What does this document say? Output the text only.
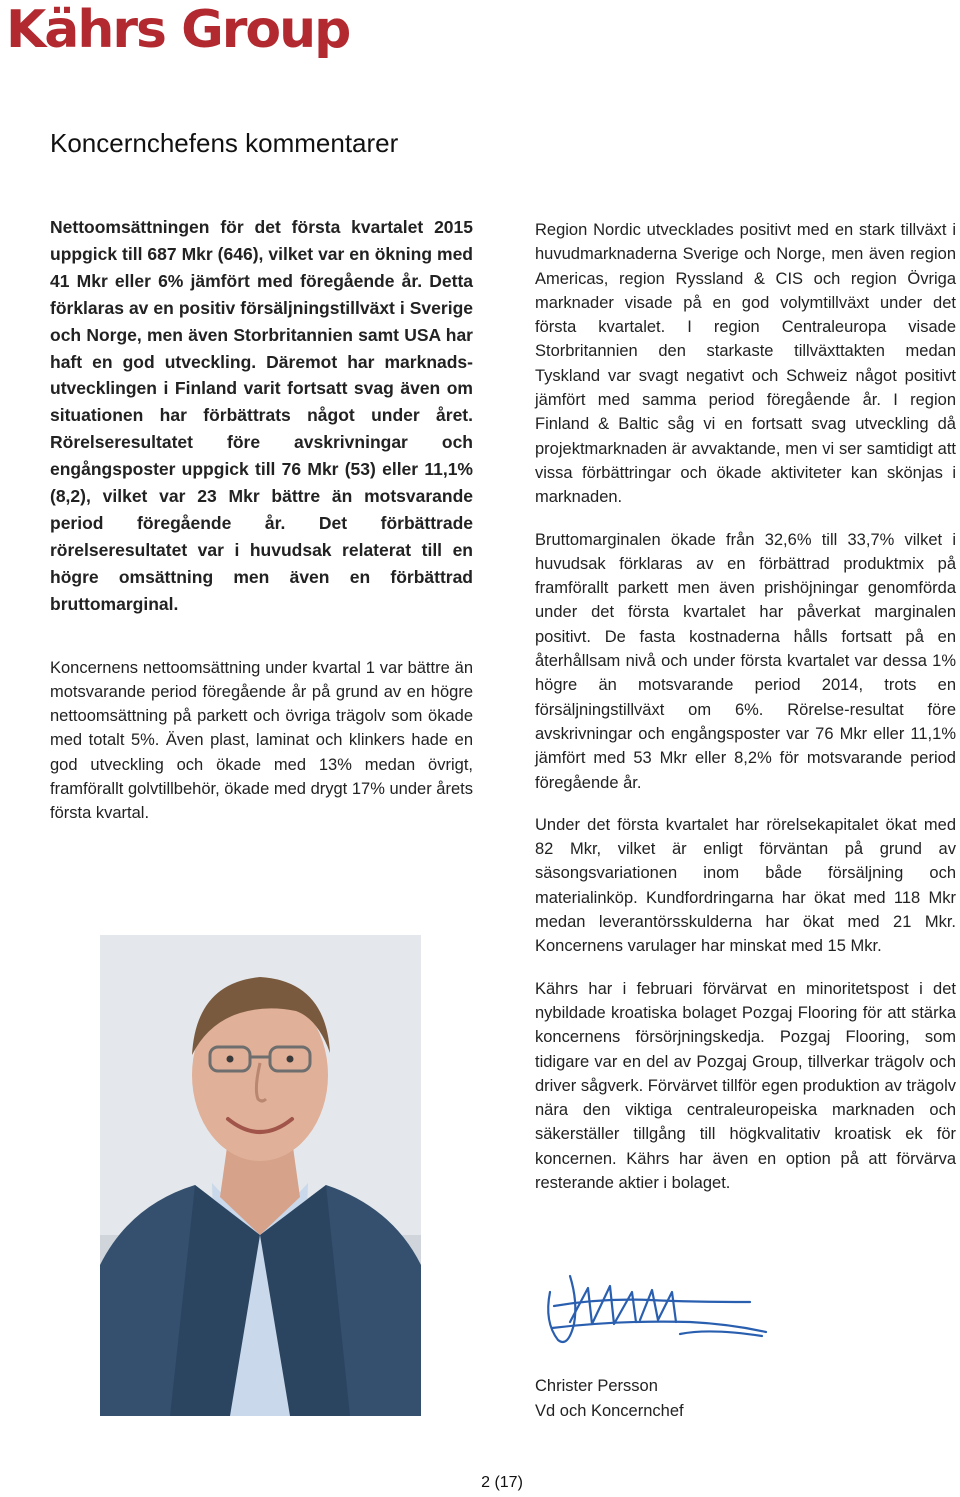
Kährs Group
Koncernchefens kommentarer

Nettoomsättningen för det första kvartalet 2015 uppgick till 687 Mkr (646), vilket var en ökning med 41 Mkr eller 6% jämfört med föregående år. Detta förklaras av en positiv försäljningstillväxt i Sverige och Norge, men även Storbritannien samt USA har haft en god utveckling. Däremot har marknads-utvecklingen i Finland varit fortsatt svag även om situationen har förbättrats något under året. Rörelseresultatet före avskrivningar och engångsposter uppgick till 76 Mkr (53) eller 11,1% (8,2), vilket var 23 Mkr bättre än motsvarande period föregående år. Det förbättrade rörelseresultatet var i huvudsak relaterat till en högre omsättning men även en förbättrad bruttomarginal.

Koncernens nettoomsättning under kvartal 1 var bättre än motsvarande period föregående år på grund av en högre nettoomsättning på parkett och övriga trägolv som ökade med totalt 5%. Även plast, laminat och klinkers hade en god utveckling och ökade med 13% medan övrigt, framförallt golvtillbehör, ökade med drygt 17% under årets första kvartal.

Region Nordic utvecklades positivt med en stark tillväxt i huvudmarknaderna Sverige och Norge, men även region Americas, region Ryssland & CIS och region Övriga marknader visade på en god volymtillväxt under det första kvartalet. I region Centraleuropa visade Storbritannien den starkaste tillväxttakten medan Tyskland var svagt negativt och Schweiz något positivt jämfört med samma period föregående år. I region Finland & Baltic såg vi en fortsatt svag utveckling då projektmarknaden är avvaktande, men vi ser samtidigt att vissa förbättringar och ökade aktiviteter kan skönjas i marknaden.

Bruttomarginalen ökade från 32,6% till 33,7% vilket i huvudsak förklaras av en förbättrad produktmix på framförallt parkett men även prishöjningar genomförda under det första kvartalet har påverkat marginalen positivt. De fasta kostnaderna hålls fortsatt på en återhållsam nivå och under första kvartalet var dessa 1% högre än motsvarande period 2014, trots en försäljningstillväxt om 6%. Rörelse-resultat före avskrivningar och engångsposter var 76 Mkr eller 11,1% jämfört med 53 Mkr eller 8,2% för motsvarande period föregående år.

Under det första kvartalet har rörelsekapitalet ökat med 82 Mkr, vilket är enligt förväntan på grund av säsongsvariationen inom både försäljning och materialinköp. Kundfordringarna har ökat med 118 Mkr medan leverantörsskulderna har ökat med 21 Mkr. Koncernens varulager har minskat med 15 Mkr.

Kährs har i februari förvärvat en minoritetspost i det nybildade kroatiska bolaget Pozgaj Flooring för att stärka koncernens försörjningskedja. Pozgaj Flooring, som tidigare var en del av Pozgaj Group, tillverkar trägolv och driver sågverk. Förvärvet tillför egen produktion av trägolv nära den viktiga centraleuropeiska marknaden och säkerställer tillgång till högkvalitativ kroatisk ek för koncernen. Kährs har även en option på att förvärva resterande aktier i bolaget.

Christer Persson
Vd och Koncernchef
2 (17)
